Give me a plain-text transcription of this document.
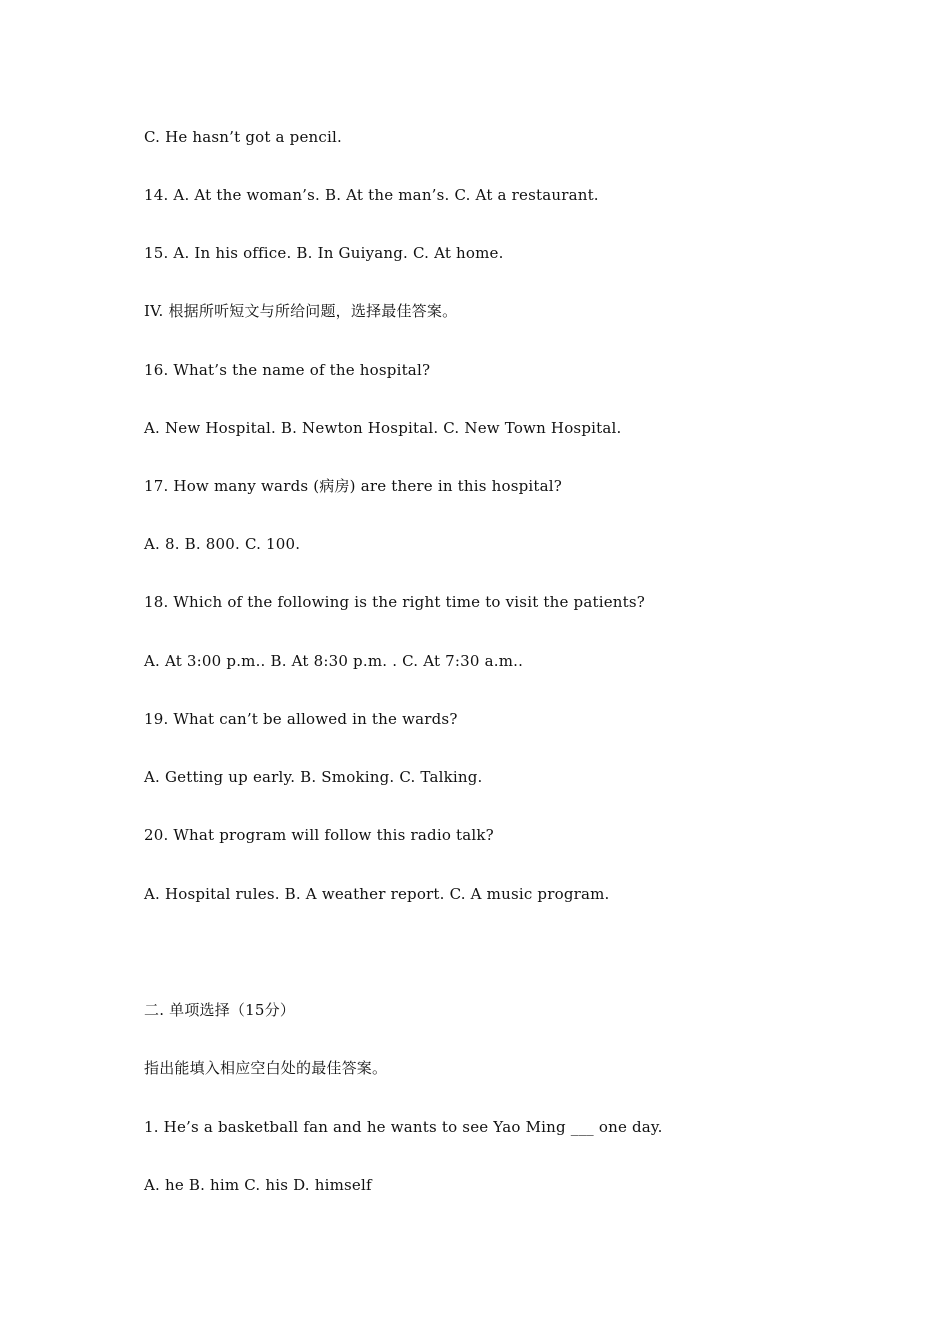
C. He hasn’t got a pencil.
14. A. At the woman’s. B. At the man’s. C. At a restaurant.
15. A. In his office. B. In Guiyang. C. At home.
IV. 根据所听短文与所给问题，选择最佳答案。
16. What’s the name of the hospital?
A. New Hospital. B. Newton Hospital. C. New Town Hospital.
17. How many wards (病房) are there in this hospital?
A. 8. B. 800. C. 100.
18. Which of the following is the right time to visit the patients?
A. At 3:00 p.m.. B. At 8:30 p.m. . C. At 7:30 a.m..
19. What can’t be allowed in the wards?
A. Getting up early. B. Smoking. C. Talking.
20. What program will follow this radio talk?
A. Hospital rules. B. A weather report. C. A music program.
二. 单项选择（15分）
指出能填入相应空白处的最佳答案。
1. He’s a basketball fan and he wants to see Yao Ming ___ one day.
A. he B. him C. his D. himself
